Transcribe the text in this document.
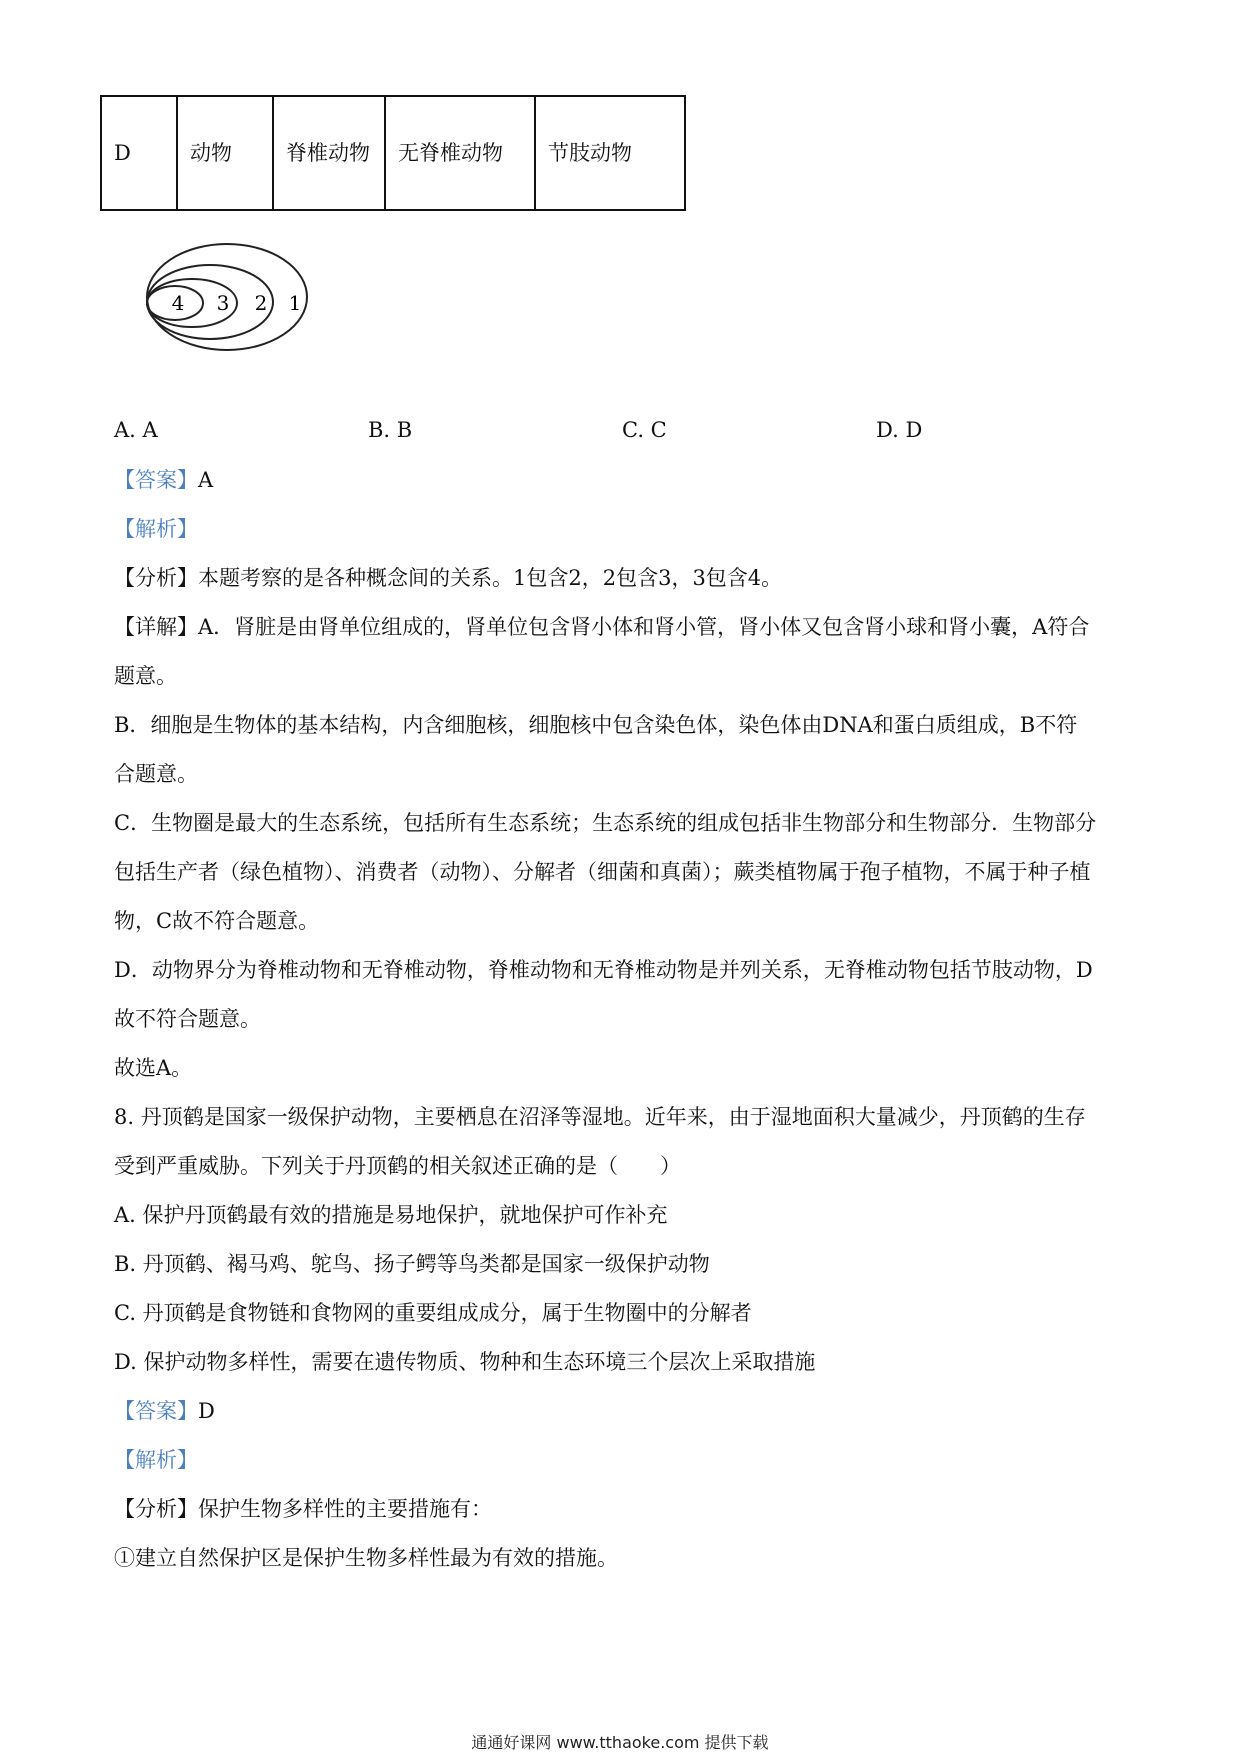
D	动物	脊椎动物	无脊椎动物	节肢动物
4 3 2 1
A. A	B. B	C. C	D. D
【答案】A
【解析】
【分析】本题考察的是各种概念间的关系。1包含2，2包含3，3包含4。
【详解】A．肾脏是由肾单位组成的，肾单位包含肾小体和肾小管，肾小体又包含肾小球和肾小囊，A符合
题意。
B．细胞是生物体的基本结构，内含细胞核，细胞核中包含染色体，染色体由DNA和蛋白质组成，B不符
合题意。
C．生物圈是最大的生态系统，包括所有生态系统；生态系统的组成包括非生物部分和生物部分．生物部分
包括生产者（绿色植物）、消费者（动物）、分解者（细菌和真菌）；蕨类植物属于孢子植物，不属于种子植
物，C故不符合题意。
D．动物界分为脊椎动物和无脊椎动物，脊椎动物和无脊椎动物是并列关系，无脊椎动物包括节肢动物，D
故不符合题意。
故选A。
8. 丹顶鹤是国家一级保护动物，主要栖息在沼泽等湿地。近年来，由于湿地面积大量减少，丹顶鹤的生存
受到严重威胁。下列关于丹顶鹤的相关叙述正确的是（　　）
A. 保护丹顶鹤最有效的措施是易地保护，就地保护可作补充
B. 丹顶鹤、褐马鸡、鸵鸟、扬子鳄等鸟类都是国家一级保护动物
C. 丹顶鹤是食物链和食物网的重要组成成分，属于生物圈中的分解者
D. 保护动物多样性，需要在遗传物质、物种和生态环境三个层次上采取措施
【答案】D
【解析】
【分析】保护生物多样性的主要措施有：
①建立自然保护区是保护生物多样性最为有效的措施。
通通好课网 www.tthaoke.com 提供下载
